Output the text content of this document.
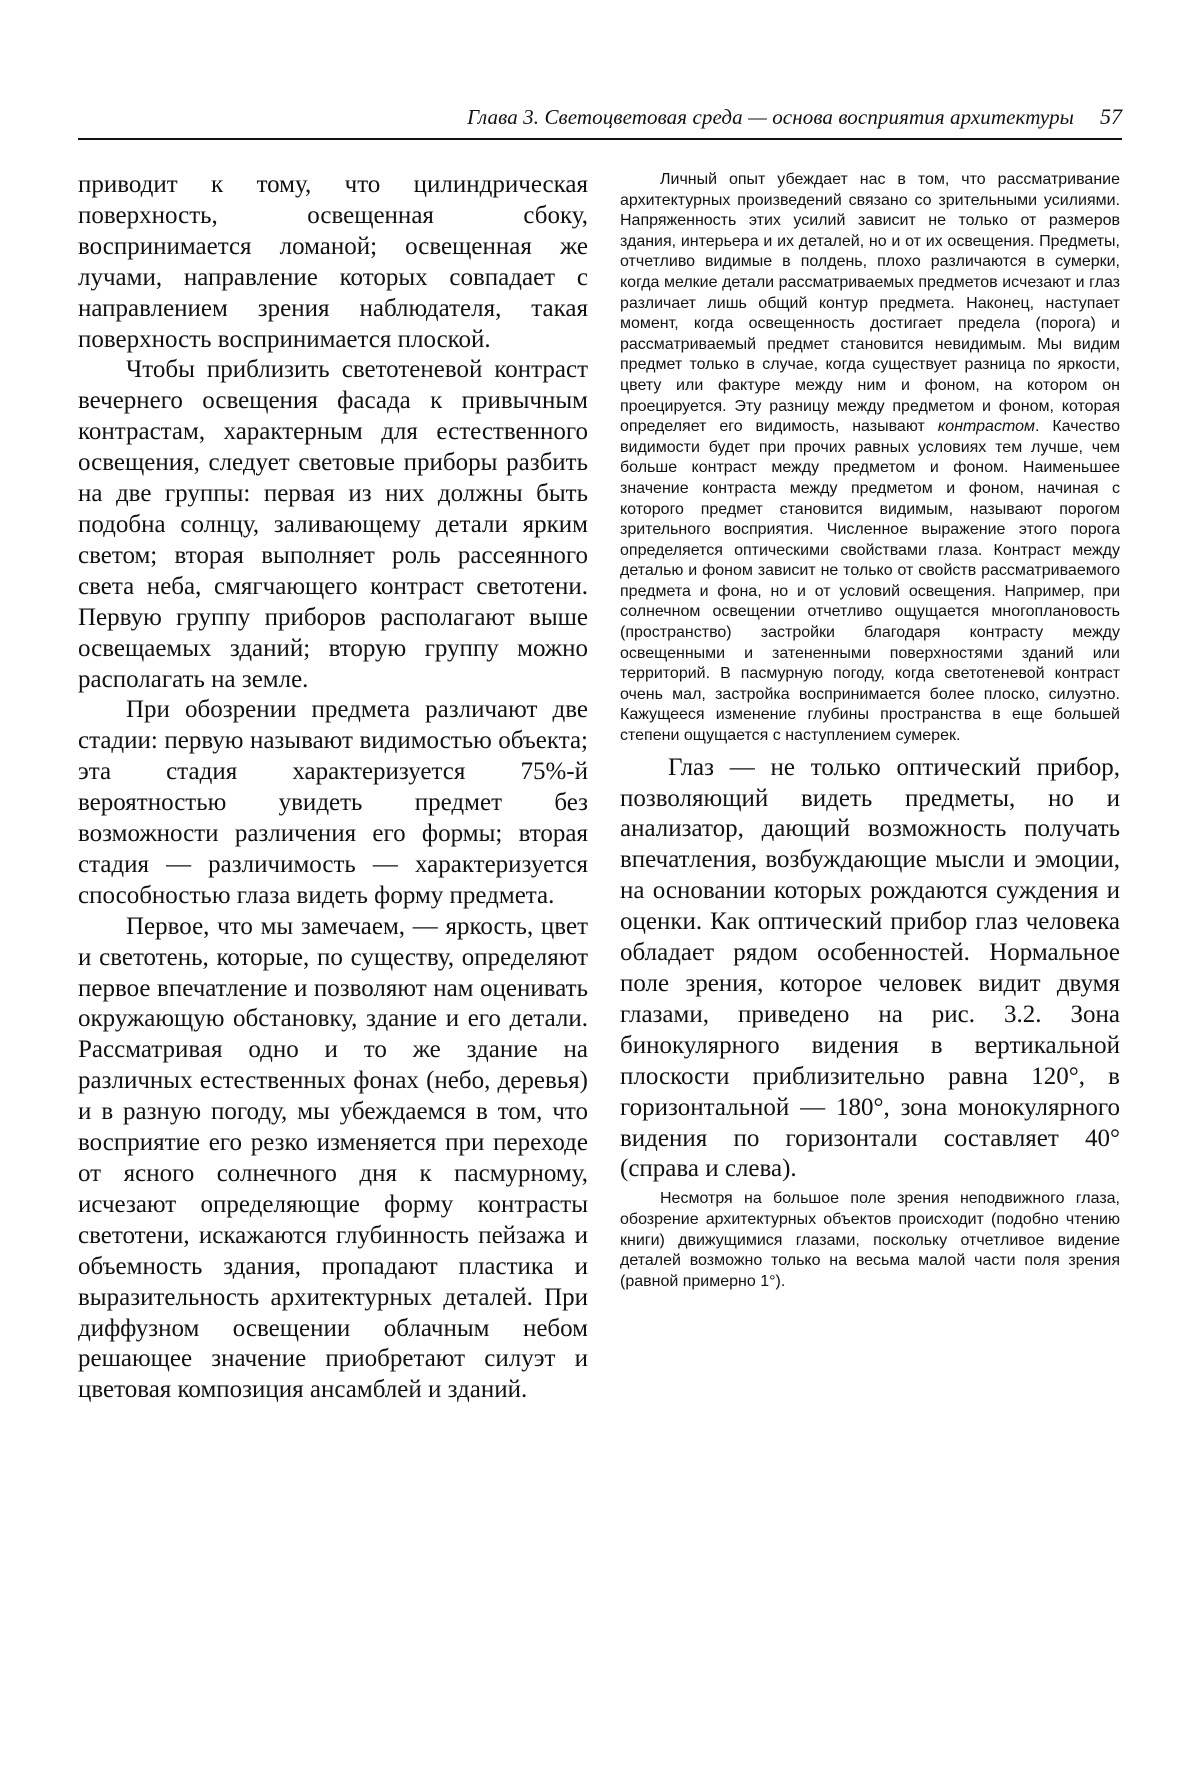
Глава 3. Светоцветовая среда — основа восприятия архитектуры 57

приводит к тому, что цилиндрическая поверхность, освещенная сбоку, воспринимается ломаной; освещенная же лучами, направление которых совпадает с направлением зрения наблюдателя, такая поверхность воспринимается плоской.

Чтобы приблизить светотеневой контраст вечернего освещения фасада к привычным контрастам, характерным для естественного освещения, следует световые приборы разбить на две группы: первая из них должны быть подобна солнцу, заливающему детали ярким светом; вторая выполняет роль рассеянного света неба, смягчающего контраст светотени. Первую группу приборов располагают выше освещаемых зданий; вторую группу можно располагать на земле.

При обозрении предмета различают две стадии: первую называют видимостью объекта; эта стадия характеризуется 75%-й вероятностью увидеть предмет без возможности различения его формы; вторая стадия — различимость — характеризуется способностью глаза видеть форму предмета.

Первое, что мы замечаем, — яркость, цвет и светотень, которые, по существу, определяют первое впечатление и позволяют нам оценивать окружающую обстановку, здание и его детали. Рассматривая одно и то же здание на различных естественных фонах (небо, деревья) и в разную погоду, мы убеждаемся в том, что восприятие его резко изменяется при переходе от ясного солнечного дня к пасмурному, исчезают определяющие форму контрасты светотени, искажаются глубинность пейзажа и объемность здания, пропадают пластика и выразительность архитектурных деталей. При диффузном освещении облачным небом решающее значение приобретают силуэт и цветовая композиция ансамблей и зданий.

Личный опыт убеждает нас в том, что рассматривание архитектурных произведений связано со зрительными усилиями. Напряженность этих усилий зависит не только от размеров здания, интерьера и их деталей, но и от их освещения. Предметы, отчетливо видимые в полдень, плохо различаются в сумерки, когда мелкие детали рассматриваемых предметов исчезают и глаз различает лишь общий контур предмета. Наконец, наступает момент, когда освещенность достигает предела (порога) и рассматриваемый предмет становится невидимым. Мы видим предмет только в случае, когда существует разница по яркости, цвету или фактуре между ним и фоном, на котором он проецируется. Эту разницу между предметом и фоном, которая определяет его видимость, называют контрастом. Качество видимости будет при прочих равных условиях тем лучше, чем больше контраст между предметом и фоном. Наименьшее значение контраста между предметом и фоном, начиная с которого предмет становится видимым, называют порогом зрительного восприятия. Численное выражение этого порога определяется оптическими свойствами глаза. Контраст между деталью и фоном зависит не только от свойств рассматриваемого предмета и фона, но и от условий освещения. Например, при солнечном освещении отчетливо ощущается многоплановость (пространство) застройки благодаря контрасту между освещенными и затененными поверхностями зданий или территорий. В пасмурную погоду, когда светотеневой контраст очень мал, застройка воспринимается более плоско, силуэтно. Кажущееся изменение глубины пространства в еще большей степени ощущается с наступлением сумерек.

Глаз — не только оптический прибор, позволяющий видеть предметы, но и анализатор, дающий возможность получать впечатления, возбуждающие мысли и эмоции, на основании которых рождаются суждения и оценки. Как оптический прибор глаз человека обладает рядом особенностей. Нормальное поле зрения, которое человек видит двумя глазами, приведено на рис. 3.2. Зона бинокулярного видения в вертикальной плоскости приблизительно равна 120°, в горизонтальной — 180°, зона монокулярного видения по горизонтали составляет 40° (справа и слева).

Несмотря на большое поле зрения неподвижного глаза, обозрение архитектурных объектов происходит (подобно чтению книги) движущимися глазами, поскольку отчетливое видение деталей возможно только на весьма малой части поля зрения (равной примерно 1°).
